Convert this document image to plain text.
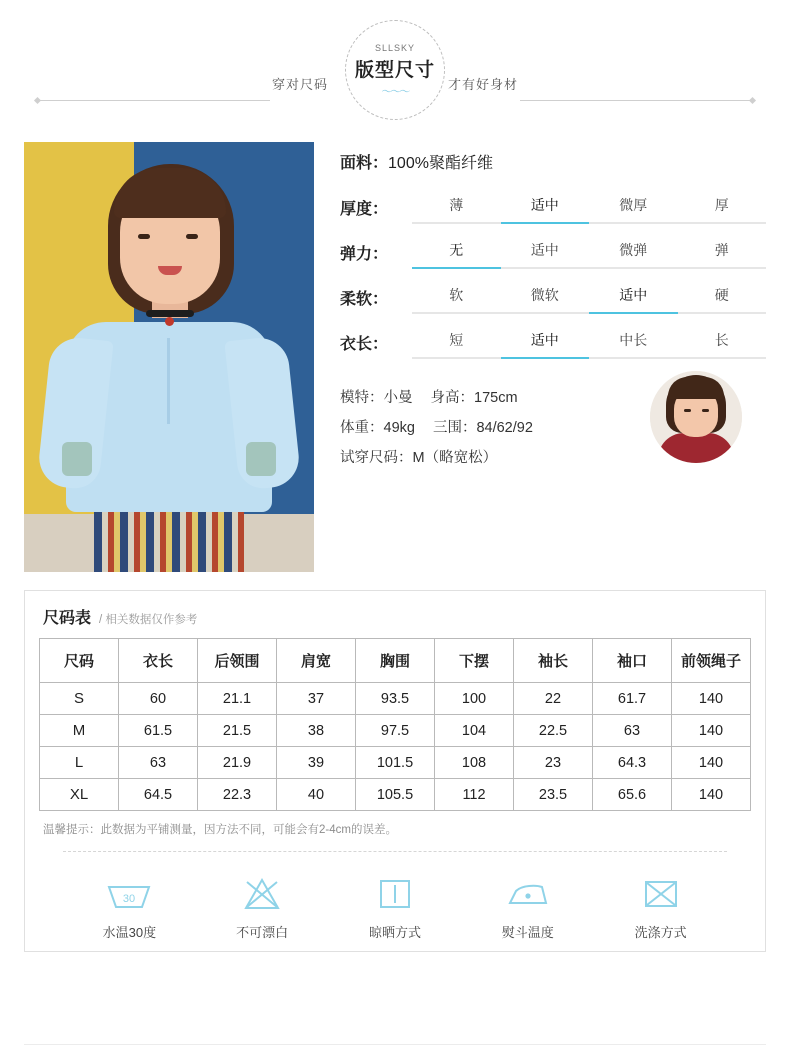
穿对尺码	才有好身材
SLLSKY
版型尺寸
〜〜〜
面料：100%聚酯纤维
厚度：	薄	适中	微厚	厚
弹力：	无	适中	微弹	弹
柔软：	软	微软	适中	硬
衣长：	短	适中	中长	长
模特：小曼 身高：175cm
体重：49kg 三围：84/62/92
试穿尺码：M（略宽松）
尺码表 / 相关数据仅作参考
尺码	衣长	后领围	肩宽	胸围	下摆	袖长	袖口	前领绳子
S	60	21.1	37	93.5	100	22	61.7	140
M	61.5	21.5	38	97.5	104	22.5	63	140
L	63	21.9	39	101.5	108	23	64.3	140
XL	64.5	22.3	40	105.5	112	23.5	65.6	140
温馨提示：此数据为平铺测量，因方法不同，可能会有2-4cm的误差。
30
水温30度	不可漂白	晾晒方式	熨斗温度	洗涤方式
